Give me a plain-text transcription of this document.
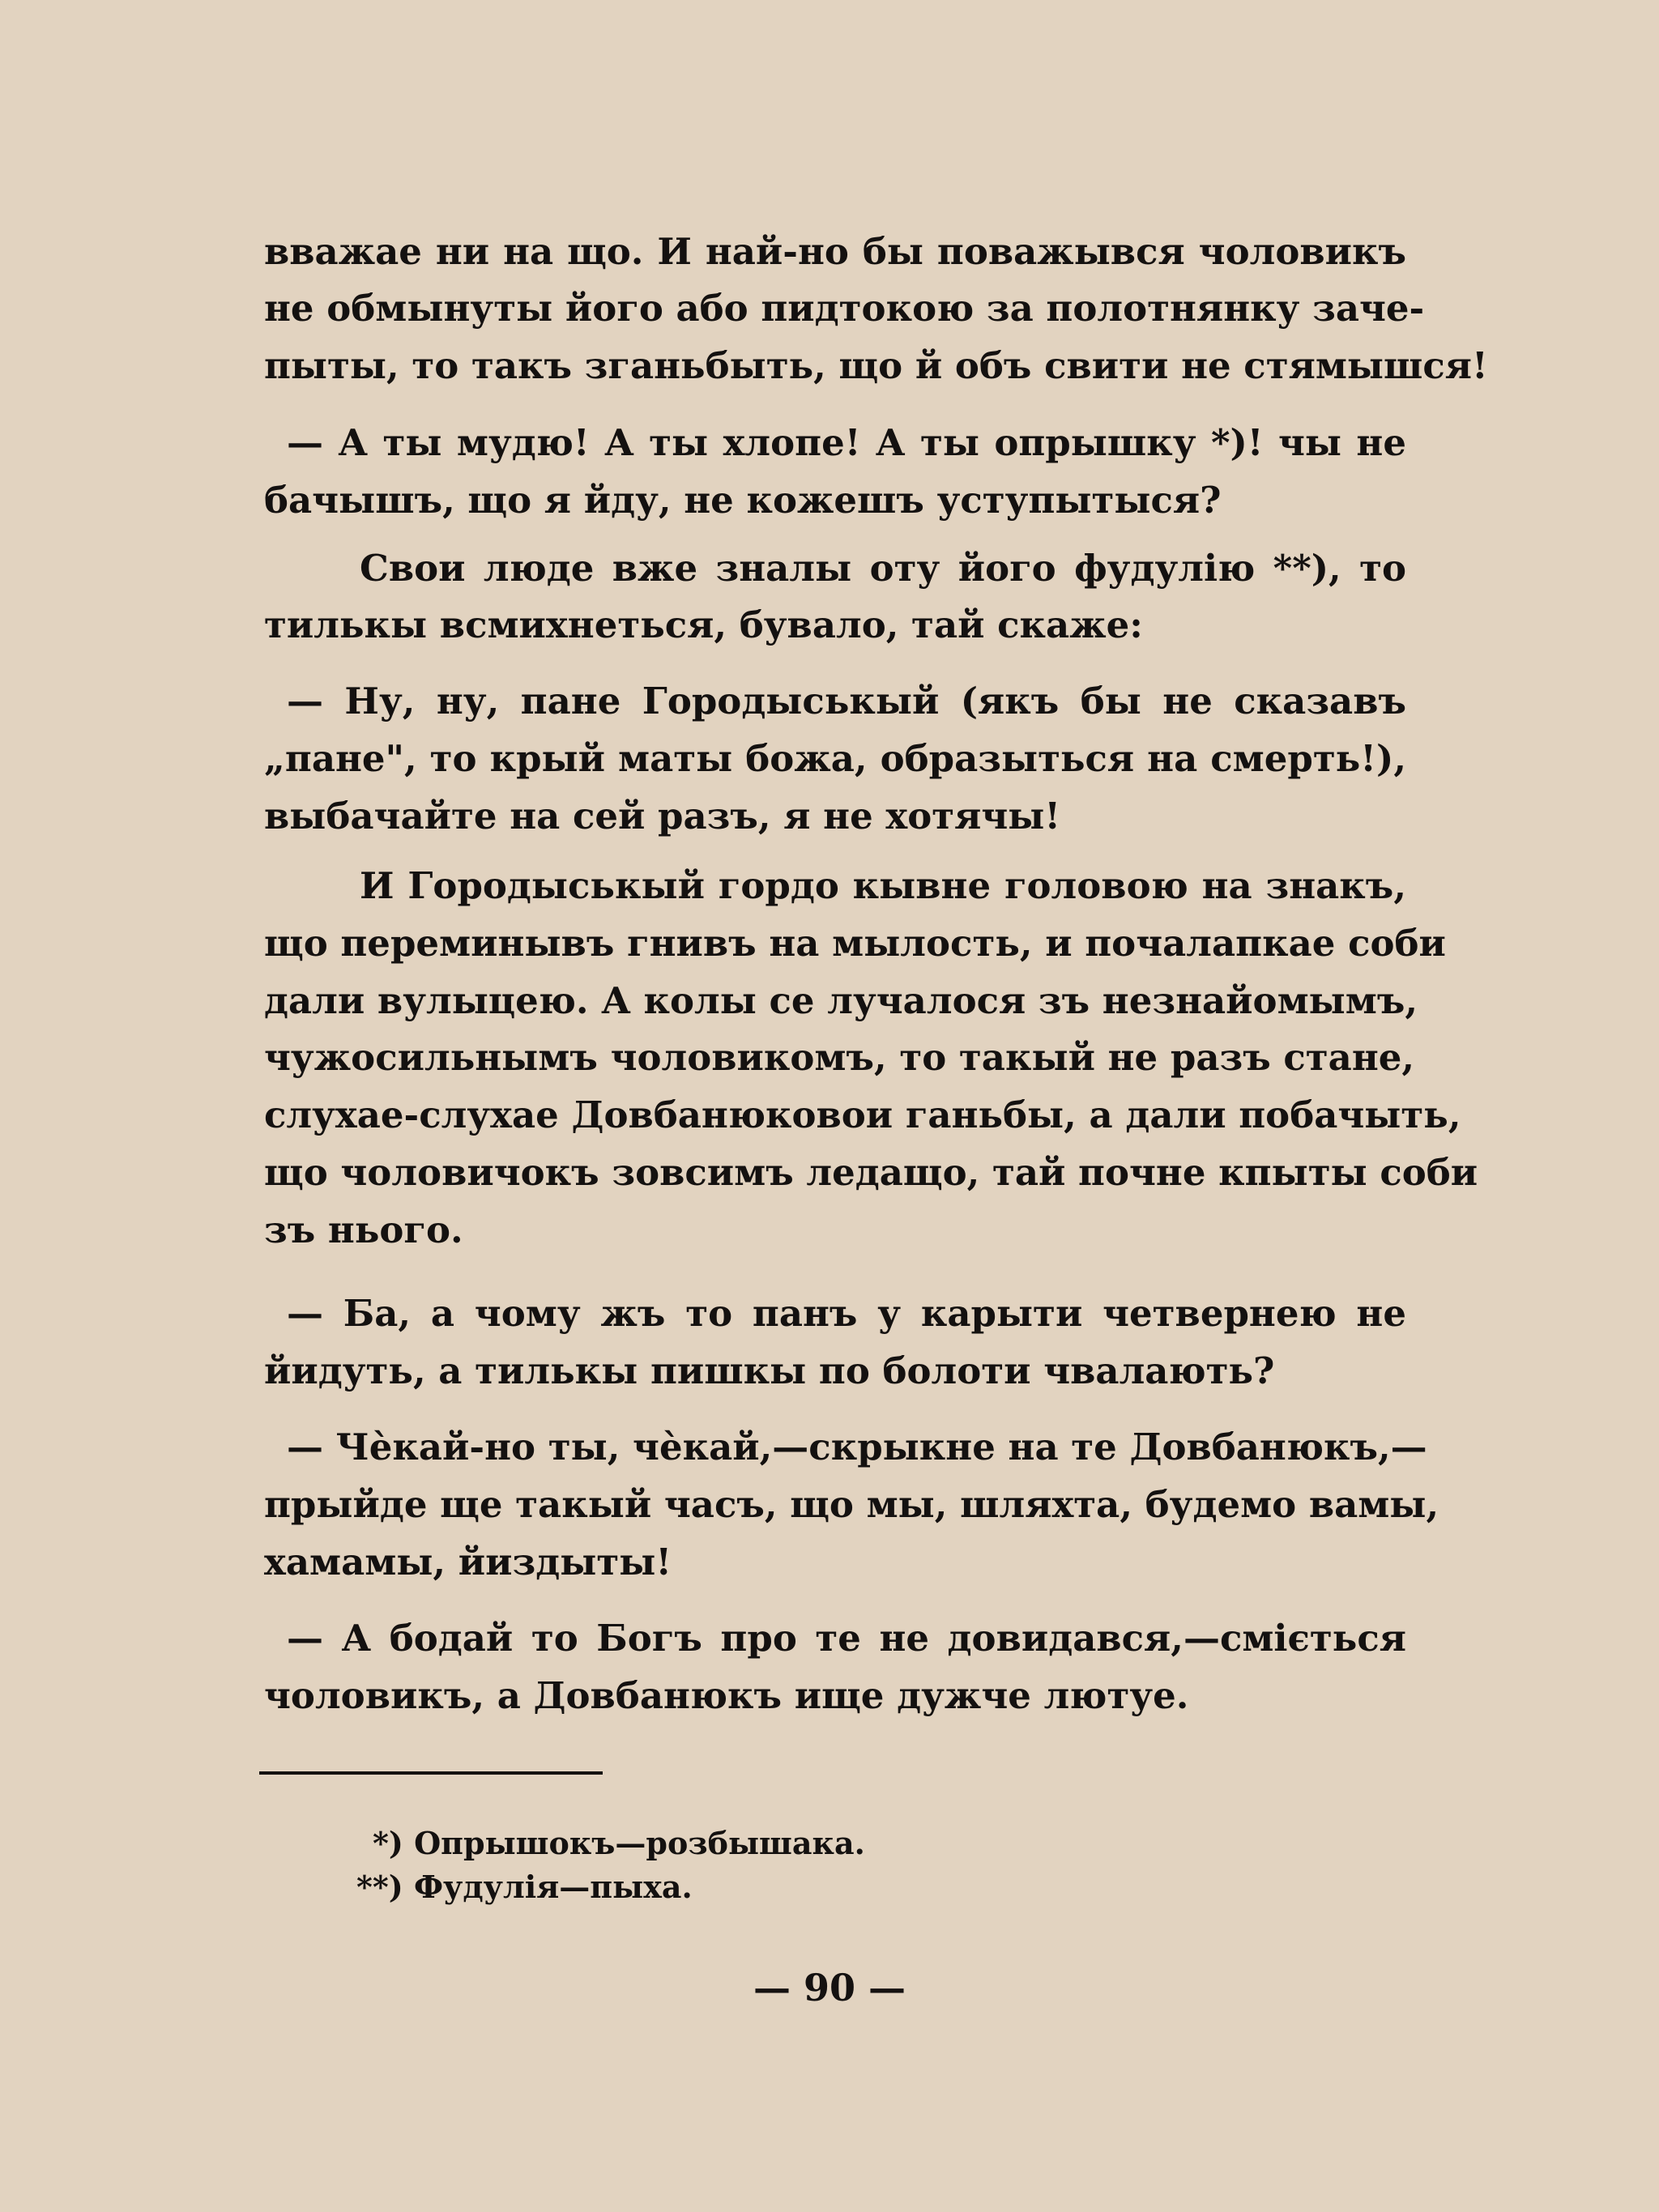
вважае ни на що. И най-но бы поважывся чоловикъ
не обмынуты його або пидтокою за полотнянку заче-
пыты, то такъ зганьбыть, що й объ свити не стямышся!
— А ты мудю! А ты хлопе! А ты опрышку *)! чы не
бачышъ, що я йду, не кожешъ уступытыся?
Свои люде вже зналы оту його фудулію **), то
тилькы всмихнеться, бувало, тай скаже:
— Ну, ну, пане Городыськый (якъ бы не сказавъ
„пане", то крый маты божа, образыться на смерть!),
выбачайте на сей разъ, я не хотячы!
И Городыськый гордо кывне головою на знакъ,
що переминывъ гнивъ на мылость, и почалапкае соби
дали вулыцею. А колы се лучалося зъ незнайомымъ,
чужосильнымъ чоловикомъ, то такый не разъ стане,
слухае-слухае Довбанюковои ганьбы, а дали побачыть,
що чоловичокъ зовсимъ ледащо, тай почне кпыты соби
зъ нього.
— Ба, а чому жъ то панъ у карыти четвернею не
йидуть, а тилькы пишкы по болоти чвалають?
— Чѐкай-но ты, чѐкай,—скрыкне на те Довбанюкъ,—
прыйде ще такый часъ, що мы, шляхта, будемо вамы,
хамамы, йиздыты!
— А бодай то Богъ про те не довидався,—сміється
чоловикъ, а Довбанюкъ ище дужче лютуе.
*) Опрышокъ—розбышака.
**) Фудулія—пыха.
— 90 —
